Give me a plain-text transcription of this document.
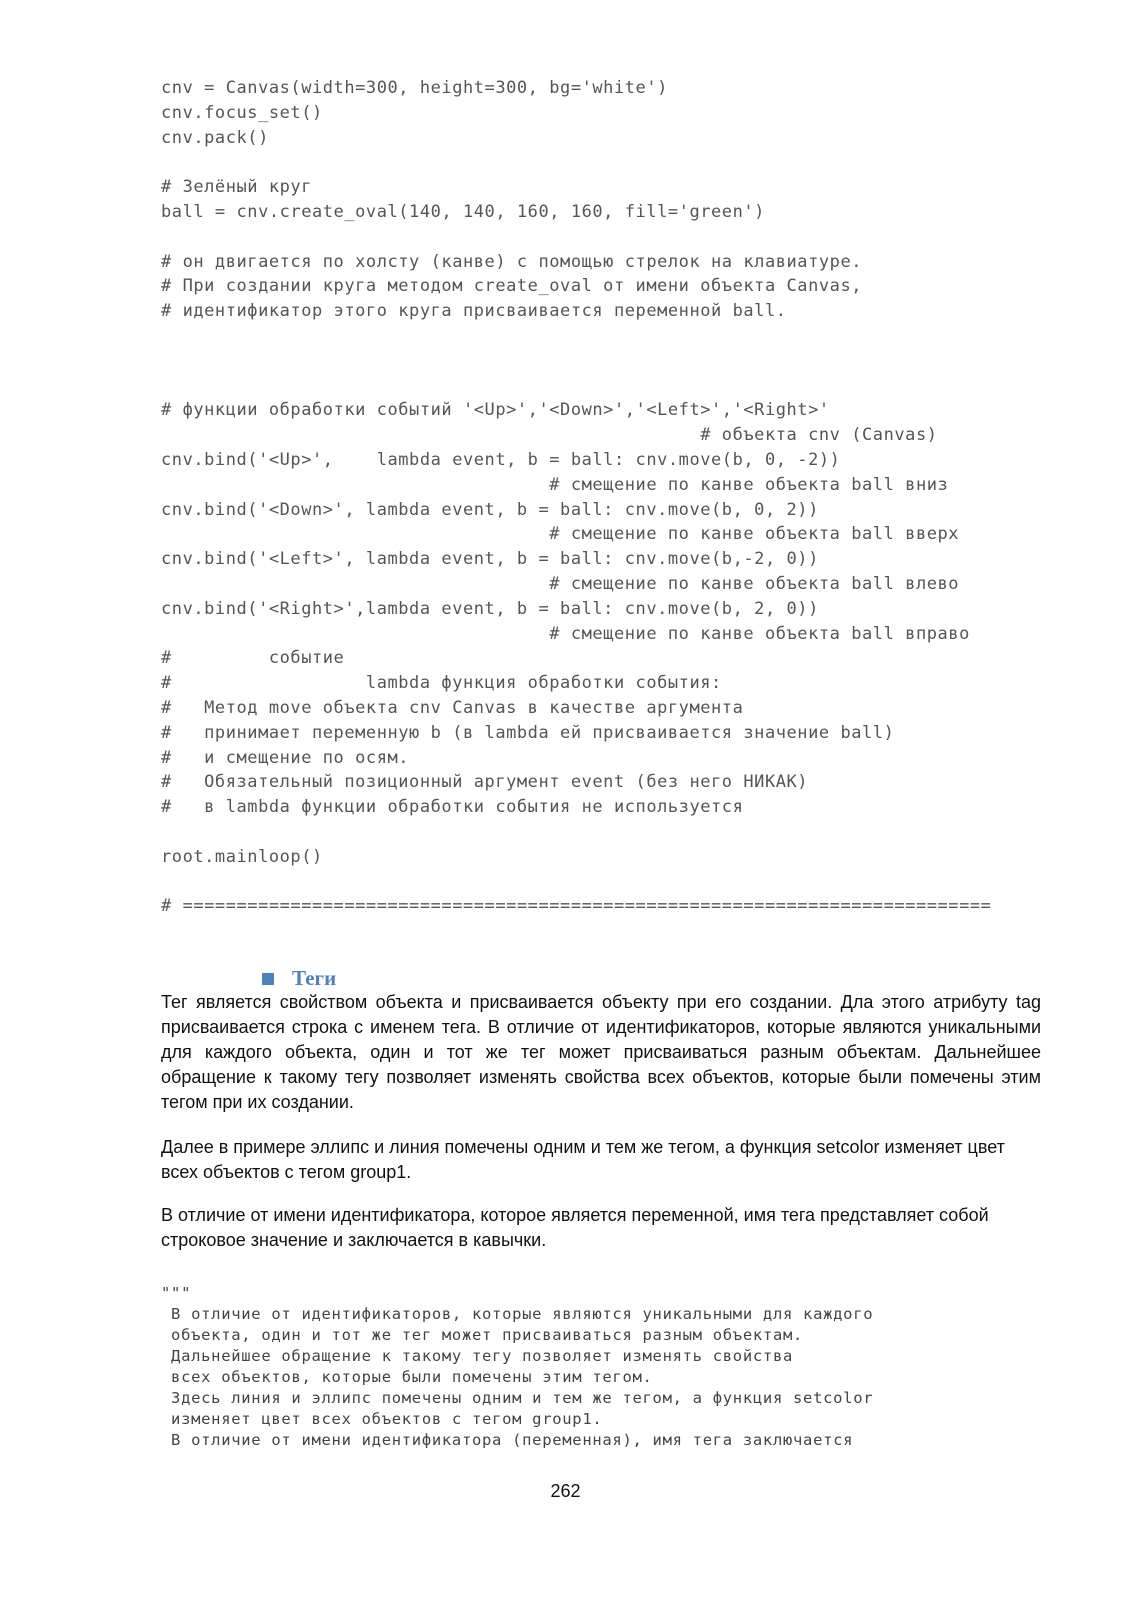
cnv = Canvas(width=300, height=300, bg='white')
cnv.focus_set()
cnv.pack()
# Зелёный круг
ball = cnv.create_oval(140, 140, 160, 160, fill='green')
# он двигается по холсту (канве) с помощью стрелок на клавиатуре.
# При создании круга методом create_oval от имени объекта Canvas,
# идентификатор этого круга присваивается переменной ball.
# функции обработки событий '<Up>','<Down>','<Left>','<Right>'
# объекта cnv (Canvas)
cnv.bind('<Up>',    lambda event, b = ball: cnv.move(b, 0, -2))
# смещение по канве объекта ball вниз
cnv.bind('<Down>', lambda event, b = ball: cnv.move(b, 0, 2))
# смещение по канве объекта ball вверх
cnv.bind('<Left>', lambda event, b = ball: cnv.move(b,-2, 0))
# смещение по канве объекта ball влево
cnv.bind('<Right>',lambda event, b = ball: cnv.move(b, 2, 0))
# смещение по канве объекта ball вправо
#         событие
#                  lambda функция обработки события:
#   Метод move объекта cnv Canvas в качестве аргумента
#   принимает переменную b (в lambda ей присваивается значение ball)
#   и смещение по осям.
#   Обязательный позиционный аргумент event (без него НИКАК)
#   в lambda функции обработки события не используется
root.mainloop()
# ===========================================================================
Теги

Тег является свойством объекта и присваивается объекту при его создании. Дла этого атрибуту tag присваивается строка с именем тега. В отличие от идентификаторов, которые являются уникальными для каждого объекта, один и тот же тег может присваиваться разным объектам. Дальнейшее обращение к такому тегу позволяет изменять свойства всех объектов, которые были помечены этим тегом при их создании.

Далее в примере эллипс и линия помечены одним и тем же тегом, а функция setcolor изменяет цвет всех объектов с тегом group1.

В отличие от имени идентификатора, которое является переменной, имя тега представляет собой строковое значение и заключается в кавычки.

"""
В отличие от идентификаторов, которые являются уникальными для каждого
объекта, один и тот же тег может присваиваться разным объектам.
Дальнейшее обращение к такому тегу позволяет изменять свойства
всех объектов, которые были помечены этим тегом.
Здесь линия и эллипс помечены одним и тем же тегом, а функция setcolor
изменяет цвет всех объектов с тегом group1.
В отличие от имени идентификатора (переменная), имя тега заключается
262
